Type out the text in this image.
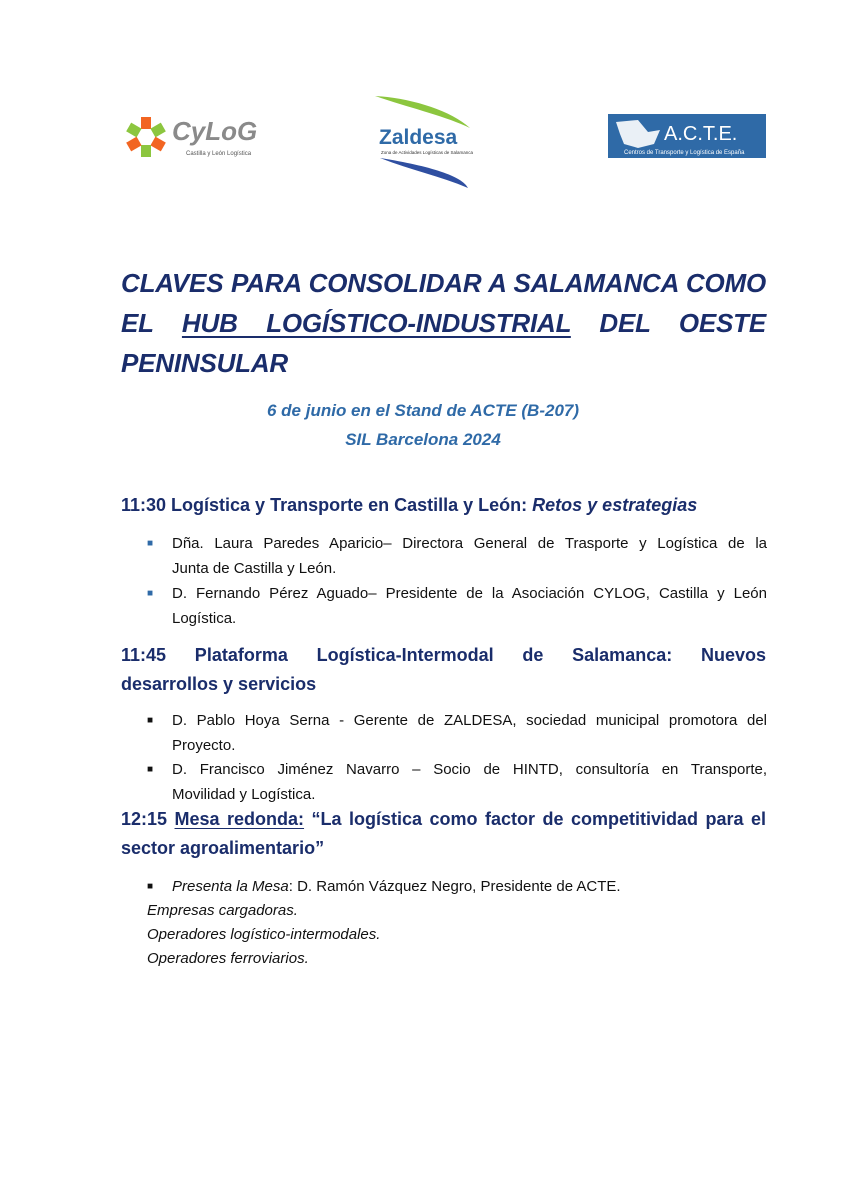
CyLoG
Castilla y León Logística
Zaldesa
Zona de Actividades Logísticas de Salamanca
A.C.T.E.
Centros de Transporte y Logística de España
CLAVES PARA CONSOLIDAR A SALAMANCA COMO
EL HUB LOGÍSTICO-INDUSTRIAL DEL OESTE
PENINSULAR
6 de junio en el Stand de ACTE (B-207)
SIL Barcelona 2024
11:30 Logística y Transporte en Castilla y León: Retos y estrategias
■ Dña. Laura Paredes Aparicio– Directora General de Trasporte y Logística de la
Junta de Castilla y León.
■ D. Fernando Pérez Aguado– Presidente de la Asociación CYLOG, Castilla y León
Logística.
11:45 Plataforma Logística-Intermodal de Salamanca: Nuevos
desarrollos y servicios
■ D. Pablo Hoya Serna - Gerente de ZALDESA, sociedad municipal promotora del
Proyecto.
■ D. Francisco Jiménez Navarro – Socio de HINTD, consultoría en Transporte,
Movilidad y Logística.
12:15 Mesa redonda: “La logística como factor de competitividad para el
sector agroalimentario”
■ Presenta la Mesa: D. Ramón Vázquez Negro, Presidente de ACTE.
Empresas cargadoras.
Operadores logístico-intermodales.
Operadores ferroviarios.
